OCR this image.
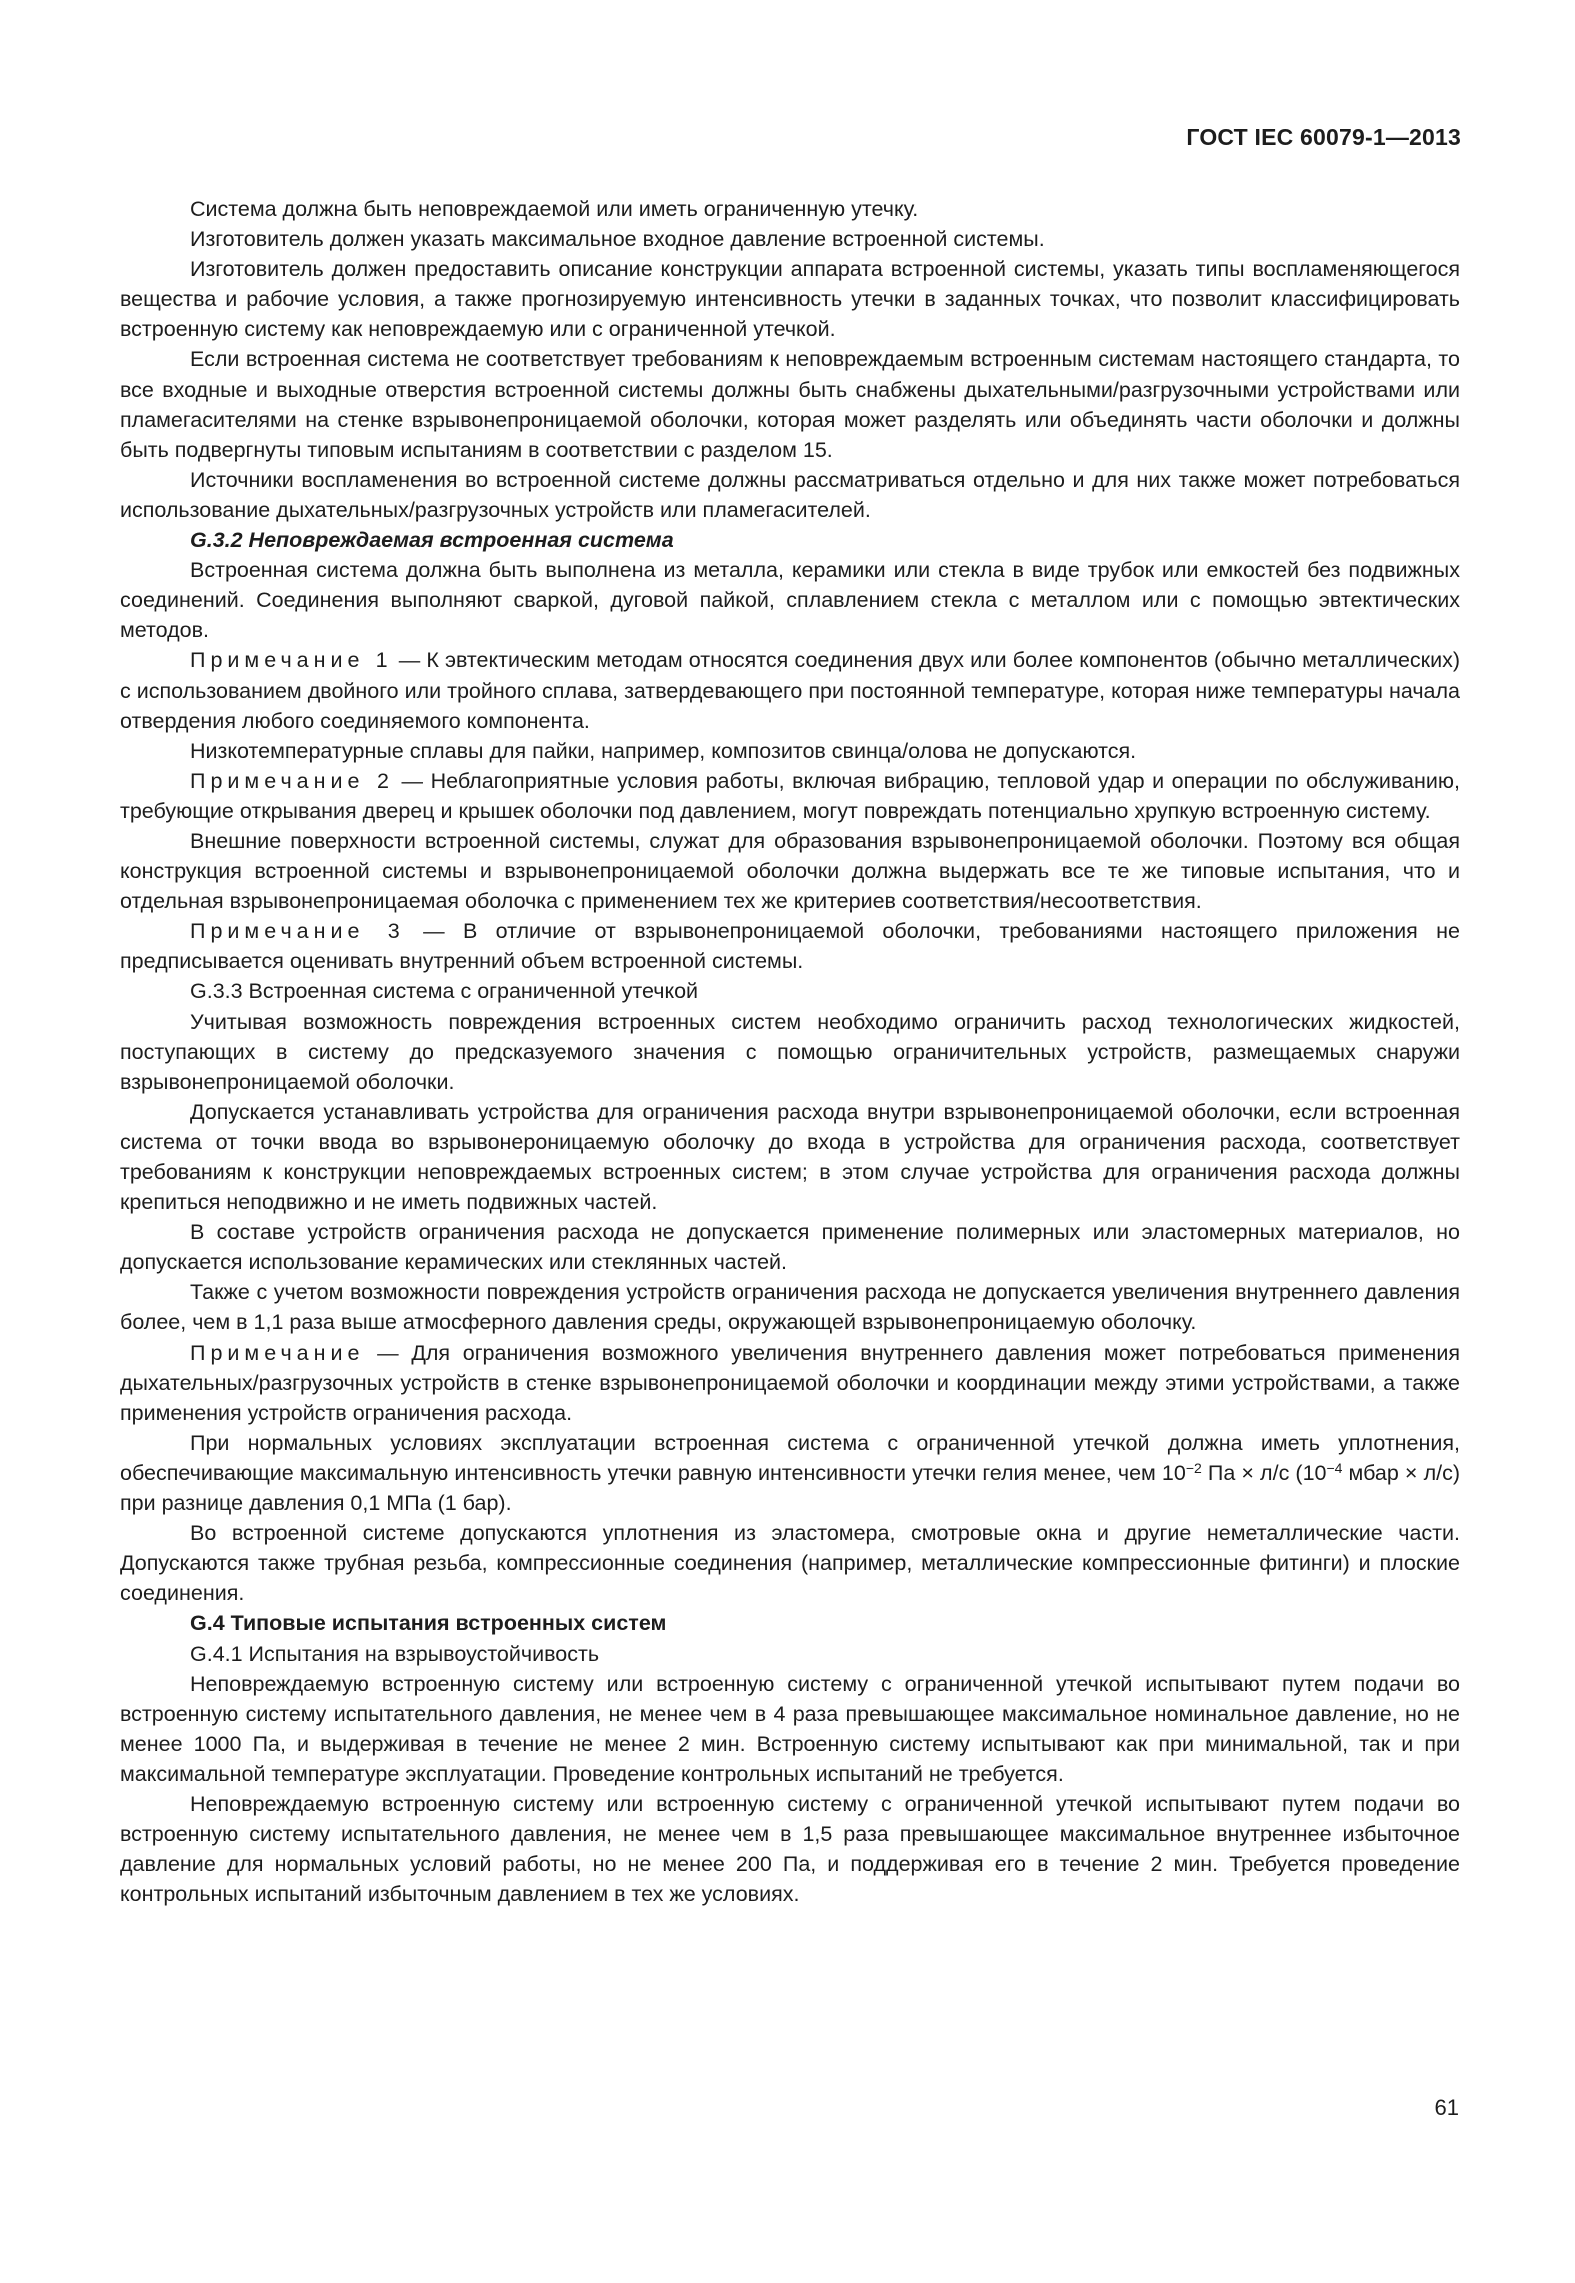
ГОСТ IEC 60079-1—2013

Система должна быть неповреждаемой или иметь ограниченную утечку.

Изготовитель должен указать максимальное входное давление встроенной системы.

Изготовитель должен предоставить описание конструкции аппарата встроенной системы, указать типы воспламеняющегося вещества и рабочие условия, а также прогнозируемую интенсивность утечки в заданных точках, что позволит классифицировать встроенную систему как неповреждаемую или с ограниченной утечкой.

Если встроенная система не соответствует требованиям к неповреждаемым встроенным системам настоящего стандарта, то все входные и выходные отверстия встроенной системы должны быть снабжены дыхательными/разгрузочными устройствами или пламегасителями на стенке взрывонепроницаемой оболочки, которая может разделять или объединять части оболочки и должны быть подвергнуты типовым испытаниям в соответствии с разделом 15.

Источники воспламенения во встроенной системе должны рассматриваться отдельно и для них также может потребоваться использование дыхательных/разгрузочных устройств или пламегасителей.

G.3.2 Неповреждаемая встроенная система

Встроенная система должна быть выполнена из металла, керамики или стекла в виде трубок или емкостей без подвижных соединений. Соединения выполняют сваркой, дуговой пайкой, сплавлением стекла с металлом или с помощью эвтектических методов.

Примечание 1 — К эвтектическим методам относятся соединения двух или более компонентов (обычно металлических) с использованием двойного или тройного сплава, затвердевающего при постоянной температуре, которая ниже температуры начала отвердения любого соединяемого компонента.

Низкотемпературные сплавы для пайки, например, композитов свинца/олова не допускаются.

Примечание 2 — Неблагоприятные условия работы, включая вибрацию, тепловой удар и операции по обслуживанию, требующие открывания дверец и крышек оболочки под давлением, могут повреждать потенциально хрупкую встроенную систему.

Внешние поверхности встроенной системы, служат для образования взрывонепроницаемой оболочки. Поэтому вся общая конструкция встроенной системы и взрывонепроницаемой оболочки должна выдержать все те же типовые испытания, что и отдельная взрывонепроницаемая оболочка с применением тех же критериев соответствия/несоответствия.

Примечание 3 — В отличие от взрывонепроницаемой оболочки, требованиями настоящего приложения не предписывается оценивать внутренний объем встроенной системы.

G.3.3 Встроенная система с ограниченной утечкой

Учитывая возможность повреждения встроенных систем необходимо ограничить расход технологических жидкостей, поступающих в систему до предсказуемого значения с помощью ограничительных устройств, размещаемых снаружи взрывонепроницаемой оболочки.

Допускается устанавливать устройства для ограничения расхода внутри взрывонепроницаемой оболочки, если встроенная система от точки ввода во взрывонероницаемую оболочку до входа в устройства для ограничения расхода, соответствует требованиям к конструкции неповреждаемых встроенных систем; в этом случае устройства для ограничения расхода должны крепиться неподвижно и не иметь подвижных частей.

В составе устройств ограничения расхода не допускается применение полимерных или эластомерных материалов, но допускается использование керамических или стеклянных частей.

Также с учетом возможности повреждения устройств ограничения расхода не допускается увеличения внутреннего давления более, чем в 1,1 раза выше атмосферного давления среды, окружающей взрывонепроницаемую оболочку.

Примечание — Для ограничения возможного увеличения внутреннего давления может потребоваться применения дыхательных/разгрузочных устройств в стенке взрывонепроницаемой оболочки и координации между этими устройствами, а также применения устройств ограничения расхода.

При нормальных условиях эксплуатации встроенная система с ограниченной утечкой должна иметь уплотнения, обеспечивающие максимальную интенсивность утечки равную интенсивности утечки гелия менее, чем $10^{-2}$ Па × л/с ($10^{-4}$ мбар × л/с) при разнице давления 0,1 МПа (1 бар).

Во встроенной системе допускаются уплотнения из эластомера, смотровые окна и другие неметаллические части. Допускаются также трубная резьба, компрессионные соединения (например, металлические компрессионные фитинги) и плоские соединения.

G.4 Типовые испытания встроенных систем

G.4.1 Испытания на взрывоустойчивость

Неповреждаемую встроенную систему или встроенную систему с ограниченной утечкой испытывают путем подачи во встроенную систему испытательного давления, не менее чем в 4 раза превышающее максимальное номинальное давление, но не менее 1000 Па, и выдерживая в течение не менее 2 мин. Встроенную систему испытывают как при минимальной, так и при максимальной температуре эксплуатации. Проведение контрольных испытаний не требуется.

Неповреждаемую встроенную систему или встроенную систему с ограниченной утечкой испытывают путем подачи во встроенную систему испытательного давления, не менее чем в 1,5 раза превышающее максимальное внутреннее избыточное давление для нормальных условий работы, но не менее 200 Па, и поддерживая его в течение 2 мин. Требуется проведение контрольных испытаний избыточным давлением в тех же условиях.

61
